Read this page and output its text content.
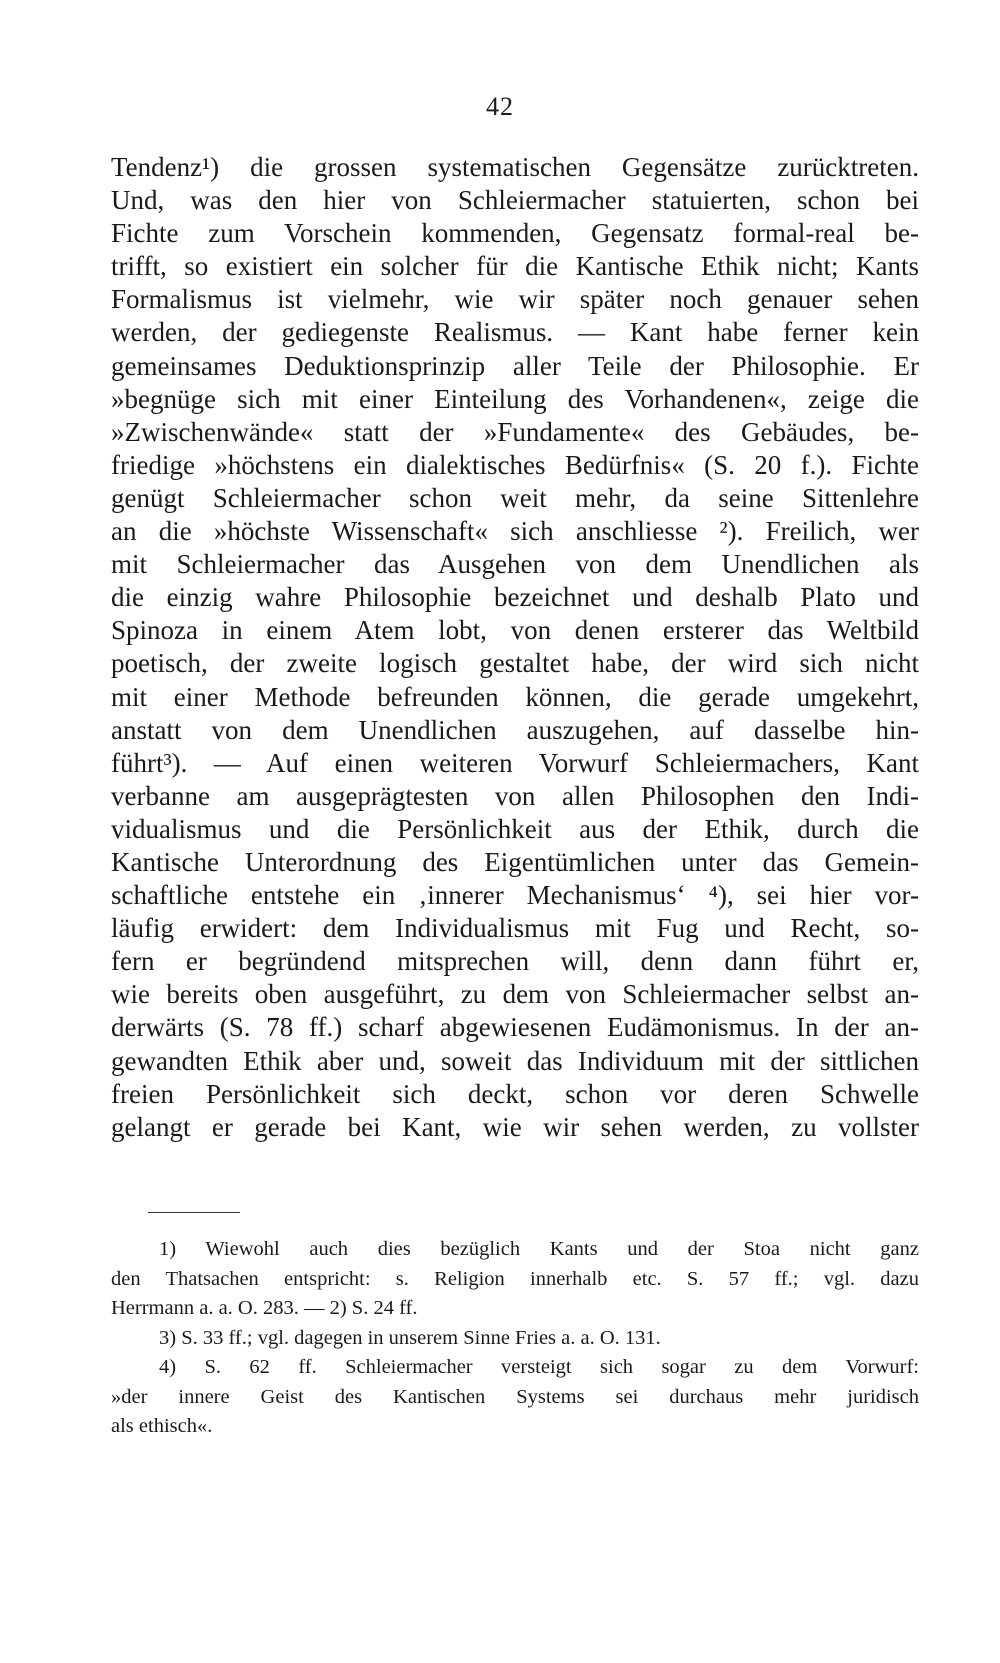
42
Tendenz¹) die grossen systematischen Gegensätze zurücktreten.
Und, was den hier von Schleiermacher statuierten, schon bei
Fichte zum Vorschein kommenden, Gegensatz formal-real be-
trifft, so existiert ein solcher für die Kantische Ethik nicht; Kants
Formalismus ist vielmehr, wie wir später noch genauer sehen
werden, der gediegenste Realismus. — Kant habe ferner kein
gemeinsames Deduktionsprinzip aller Teile der Philosophie. Er
»begnüge sich mit einer Einteilung des Vorhandenen«, zeige die
»Zwischenwände« statt der »Fundamente« des Gebäudes, be-
friedige »höchstens ein dialektisches Bedürfnis« (S. 20 f.). Fichte
genügt Schleiermacher schon weit mehr, da seine Sittenlehre
an die »höchste Wissenschaft« sich anschliesse ²). Freilich, wer
mit Schleiermacher das Ausgehen von dem Unendlichen als
die einzig wahre Philosophie bezeichnet und deshalb Plato und
Spinoza in einem Atem lobt, von denen ersterer das Weltbild
poetisch, der zweite logisch gestaltet habe, der wird sich nicht
mit einer Methode befreunden können, die gerade umgekehrt,
anstatt von dem Unendlichen auszugehen, auf dasselbe hin-
führt³). — Auf einen weiteren Vorwurf Schleiermachers, Kant
verbanne am ausgeprägtesten von allen Philosophen den Indi-
vidualismus und die Persönlichkeit aus der Ethik, durch die
Kantische Unterordnung des Eigentümlichen unter das Gemein-
schaftliche entstehe ein ‚innerer Mechanismus‘ ⁴), sei hier vor-
läufig erwidert: dem Individualismus mit Fug und Recht, so-
fern er begründend mitsprechen will, denn dann führt er,
wie bereits oben ausgeführt, zu dem von Schleiermacher selbst an-
derwärts (S. 78 ff.) scharf abgewiesenen Eudämonismus. In der an-
gewandten Ethik aber und, soweit das Individuum mit der sittlichen
freien Persönlichkeit sich deckt, schon vor deren Schwelle
gelangt er gerade bei Kant, wie wir sehen werden, zu vollster
1) Wiewohl auch dies bezüglich Kants und der Stoa nicht ganz
den Thatsachen entspricht: s. Religion innerhalb etc. S. 57 ff.; vgl. dazu
Herrmann a. a. O. 283. — 2) S. 24 ff.
3) S. 33 ff.; vgl. dagegen in unserem Sinne Fries a. a. O. 131.
4) S. 62 ff. Schleiermacher versteigt sich sogar zu dem Vorwurf:
»der innere Geist des Kantischen Systems sei durchaus mehr juridisch
als ethisch«.
